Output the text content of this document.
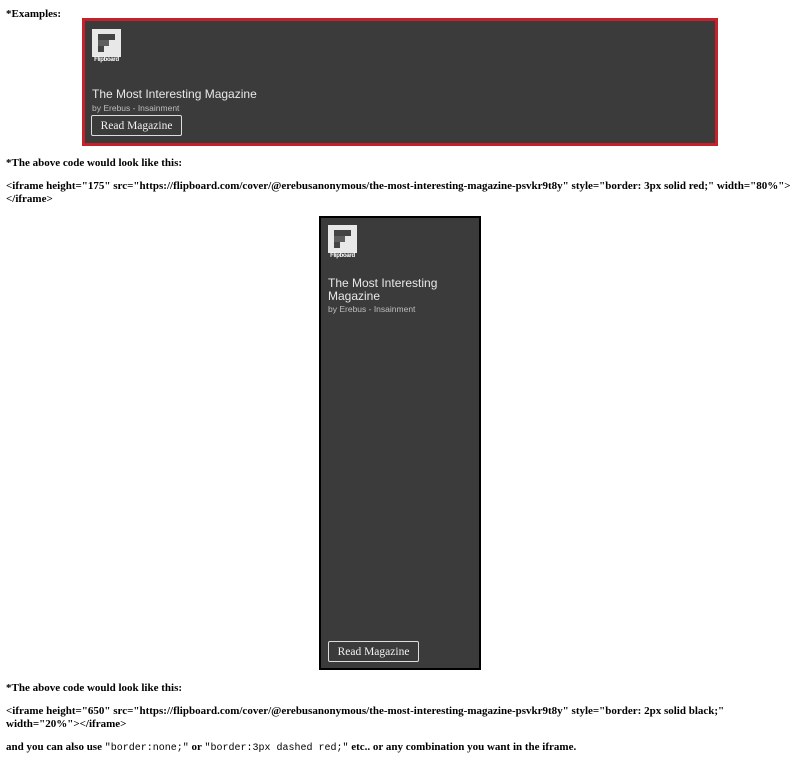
*Examples:

Flipboard
The Most Interesting Magazine
by Erebus - Insainment
Read Magazine

*The above code would look like this:

<iframe height="175" src="https://flipboard.com/cover/@erebusanonymous/the-most-interesting-magazine-psvkr9t8y" style="border: 3px solid red;" width="80%"></iframe>

Flipboard
The Most Interesting Magazine
by Erebus - Insainment
Read Magazine

*The above code would look like this:

<iframe height="650" src="https://flipboard.com/cover/@erebusanonymous/the-most-interesting-magazine-psvkr9t8y" style="border: 2px solid black;" width="20%"></iframe>

and you can also use "border:none;" or "border:3px dashed red;" etc.. or any combination you want in the iframe.
